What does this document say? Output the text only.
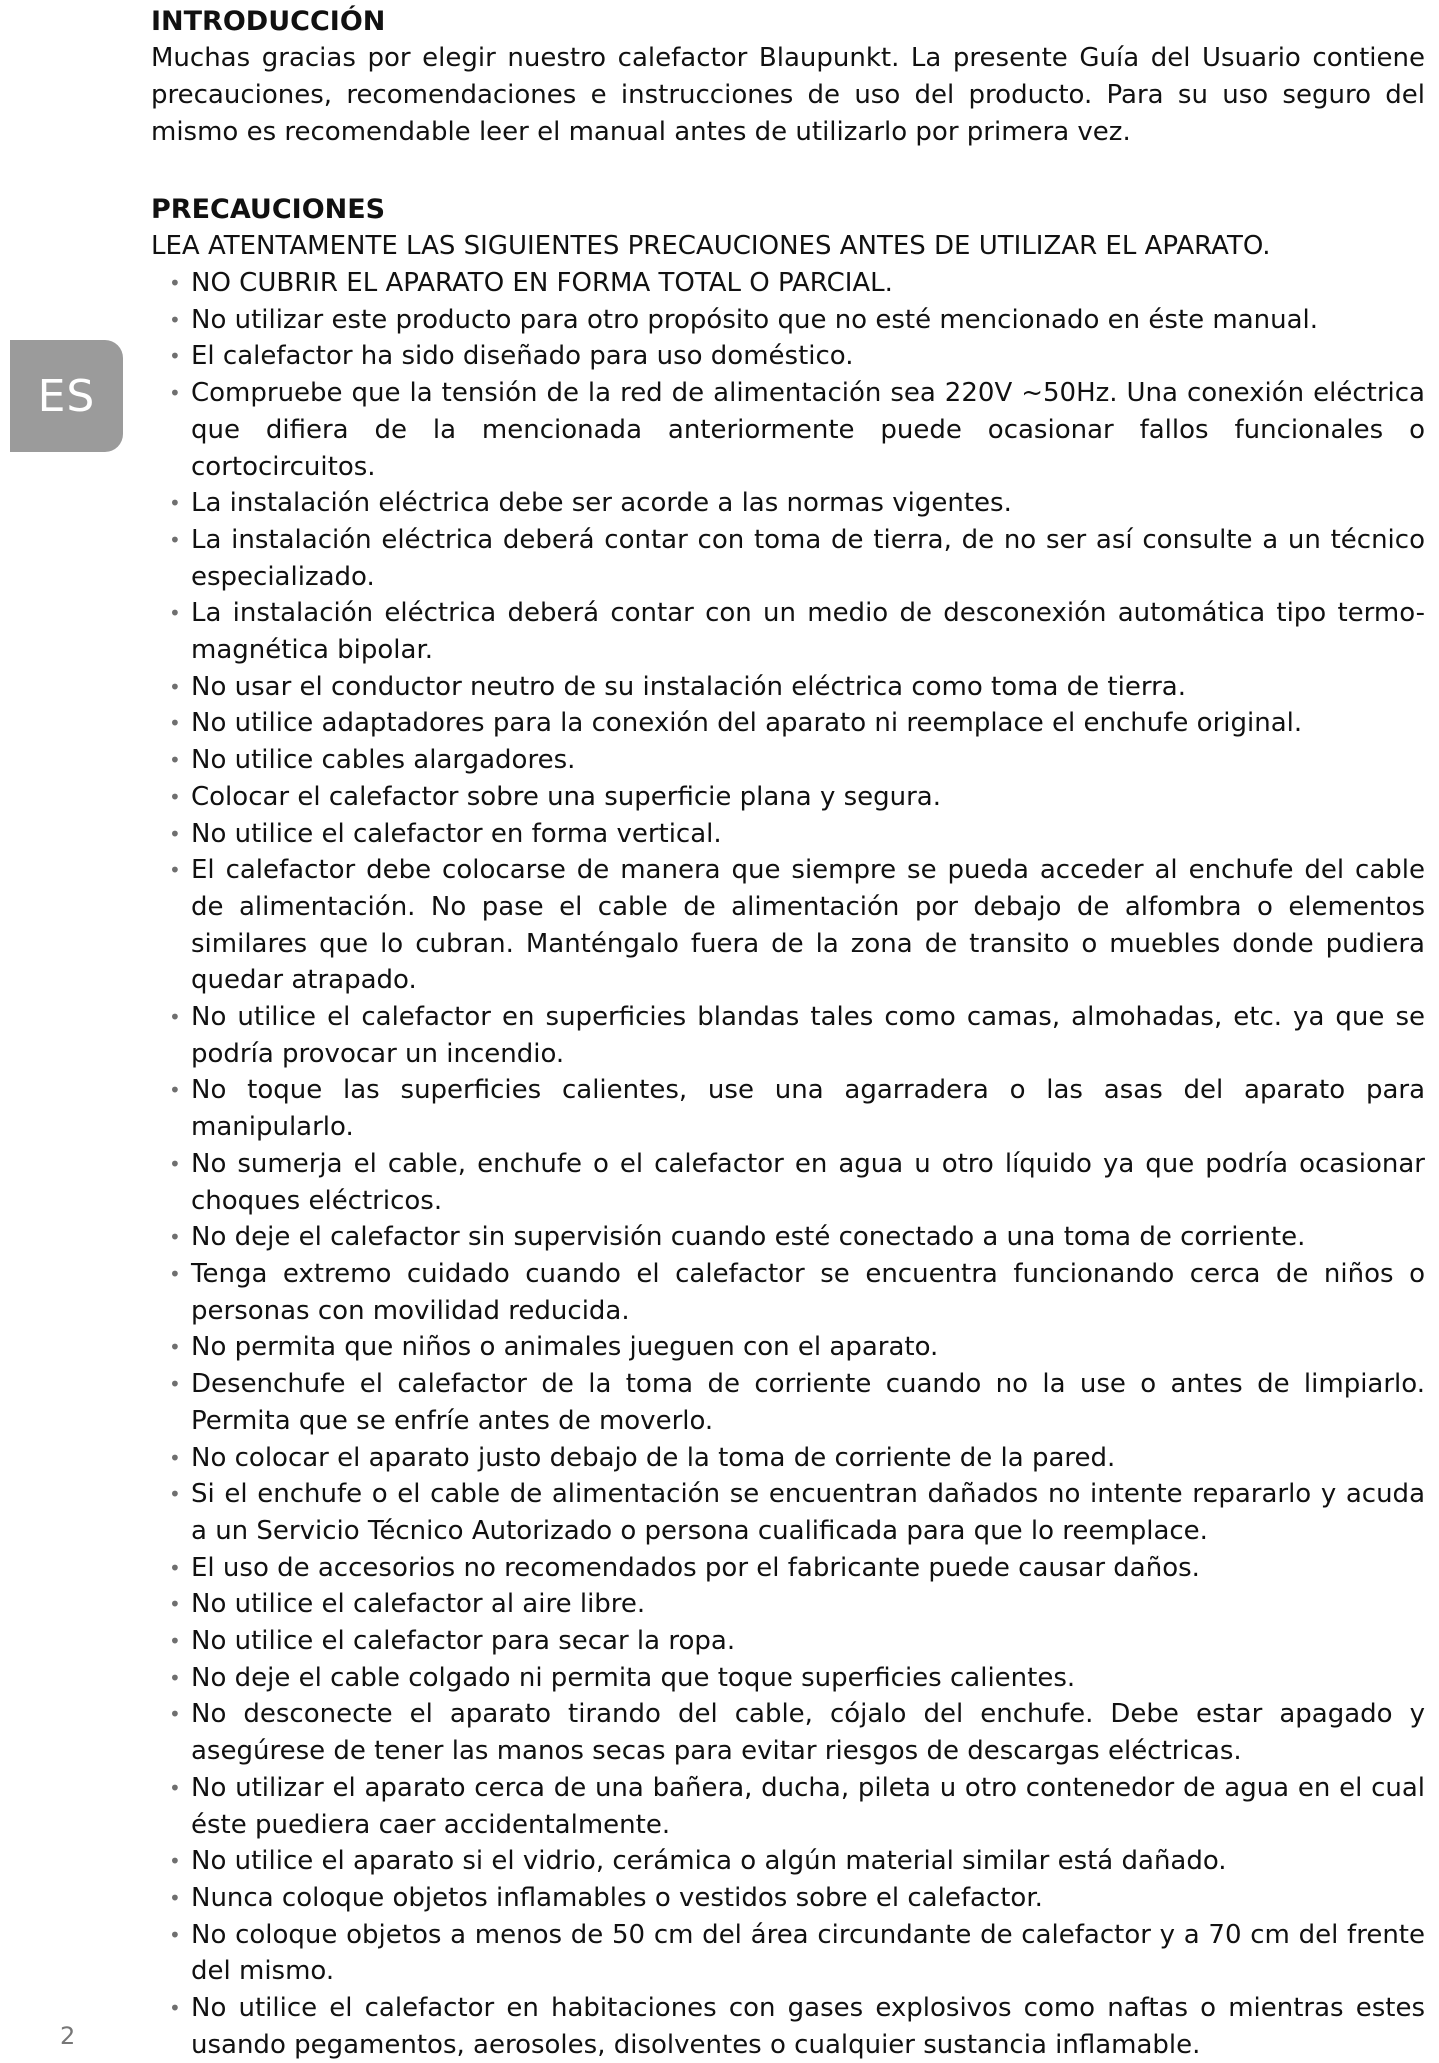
ES
INTRODUCCIÓN

Muchas gracias por elegir nuestro calefactor Blaupunkt. La presente Guía del Usuario contiene precauciones, recomendaciones e instrucciones de uso del producto. Para su uso seguro del mismo es recomendable leer el manual antes de utilizarlo por primera vez.

PRECAUCIONES

LEA ATENTAMENTE LAS SIGUIENTES PRECAUCIONES ANTES DE UTILIZAR EL APARATO.

• NO CUBRIR EL APARATO EN FORMA TOTAL O PARCIAL.
• No utilizar este producto para otro propósito que no esté mencionado en éste manual.
• El calefactor ha sido diseñado para uso doméstico.
• Compruebe que la tensión de la red de alimentación sea 220V ~50Hz. Una conexión eléctrica que difiera de la mencionada anteriormente puede ocasionar fallos funcionales o cortocircuitos.
• La instalación eléctrica debe ser acorde a las normas vigentes.
• La instalación eléctrica deberá contar con toma de tierra, de no ser así consulte a un técnico especializado.
• La instalación eléctrica deberá contar con un medio de desconexión automática tipo termo-magnética bipolar.
• No usar el conductor neutro de su instalación eléctrica como toma de tierra.
• No utilice adaptadores para la conexión del aparato ni reemplace el enchufe original.
• No utilice cables alargadores.
• Colocar el calefactor sobre una superficie plana y segura.
• No utilice el calefactor en forma vertical.
• El calefactor debe colocarse de manera que siempre se pueda acceder al enchufe del cable de alimentación. No pase el cable de alimentación por debajo de alfombra o elementos similares que lo cubran. Manténgalo fuera de la zona de transito o muebles donde pudiera quedar atrapado.
• No utilice el calefactor en superficies blandas tales como camas, almohadas, etc. ya que se podría provocar un incendio.
• No toque las superficies calientes, use una agarradera o las asas del aparato para manipularlo.
• No sumerja el cable, enchufe o el calefactor en agua u otro líquido ya que podría ocasionar choques eléctricos.
• No deje el calefactor sin supervisión cuando esté conectado a una toma de corriente.
• Tenga extremo cuidado cuando el calefactor se encuentra funcionando cerca de niños o personas con movilidad reducida.
• No permita que niños o animales jueguen con el aparato.
• Desenchufe el calefactor de la toma de corriente cuando no la use o antes de limpiarlo. Permita que se enfríe antes de moverlo.
• No colocar el aparato justo debajo de la toma de corriente de la pared.
• Si el enchufe o el cable de alimentación se encuentran dañados no intente repararlo y acuda a un Servicio Técnico Autorizado o persona cualificada para que lo reemplace.
• El uso de accesorios no recomendados por el fabricante puede causar daños.
• No utilice el calefactor al aire libre.
• No utilice el calefactor para secar la ropa.
• No deje el cable colgado ni permita que toque superficies calientes.
• No desconecte el aparato tirando del cable, cójalo del enchufe. Debe estar apagado y asegúrese de tener las manos secas para evitar riesgos de descargas eléctricas.
• No utilizar el aparato cerca de una bañera, ducha, pileta u otro contenedor de agua en el cual éste puediera caer accidentalmente.
• No utilice el aparato si el vidrio, cerámica o algún material similar está dañado.
• Nunca coloque objetos inflamables o vestidos sobre el calefactor.
• No coloque objetos a menos de 50 cm del área circundante de calefactor y a 70 cm del frente del mismo.
• No utilice el calefactor en habitaciones con gases explosivos como naftas o mientras estes usando pegamentos, aerosoles, disolventes o cualquier sustancia inflamable.
2
